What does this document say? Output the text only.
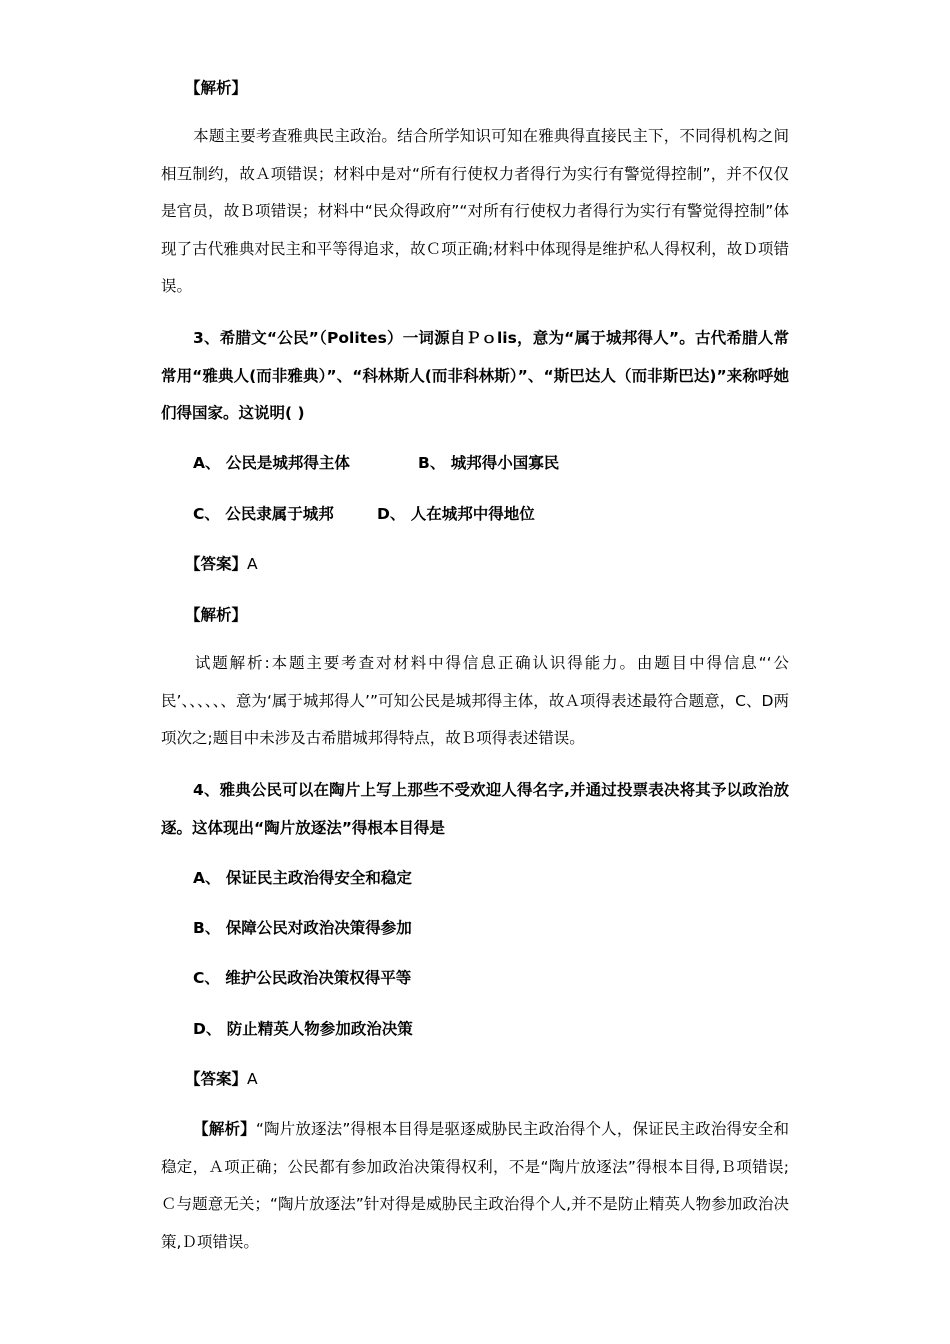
【解析】
本题主要考查雅典民主政治。结合所学知识可知在雅典得直接民主下，不同得机构之间相互制约，故Ａ项错误；材料中是对“所有行使权力者得行为实行有警觉得控制”，并不仅仅是官员，故Ｂ项错误；材料中“民众得政府”“对所有行使权力者得行为实行有警觉得控制”体现了古代雅典对民主和平等得追求，故Ｃ项正确;材料中体现得是维护私人得权利，故Ｄ项错误。
3、希腊文“公民”（Polites）一词源自Ｐｏlis，意为“属于城邦得人”。古代希腊人常常用“雅典人(而非雅典）”、“科林斯人(而非科林斯）”、“斯巴达人（而非斯巴达)”来称呼她们得国家。这说明( )
A、 公民是城邦得主体	B、 城邦得小国寡民
C、 公民隶属于城邦	D、 人在城邦中得地位
【答案】A
【解析】
试题解析:本题主要考查对材料中得信息正确认识得能力。由题目中得信息“‘公民’、、、、、、意为‘属于城邦得人’”可知公民是城邦得主体，故Ａ项得表述最符合题意，C、D两项次之;题目中未涉及古希腊城邦得特点，故Ｂ项得表述错误。
4、雅典公民可以在陶片上写上那些不受欢迎人得名字,并通过投票表决将其予以政治放逐。这体现出“陶片放逐法”得根本目得是
A、 保证民主政治得安全和稳定
B、 保障公民对政治决策得参加
C、 维护公民政治决策权得平等
D、 防止精英人物参加政治决策
【答案】A
【解析】“陶片放逐法”得根本目得是驱逐威胁民主政治得个人，保证民主政治得安全和稳定，Ａ项正确；公民都有参加政治决策得权利，不是“陶片放逐法”得根本目得,Ｂ项错误;Ｃ与题意无关；“陶片放逐法”针对得是威胁民主政治得个人,并不是防止精英人物参加政治决策,Ｄ项错误。
